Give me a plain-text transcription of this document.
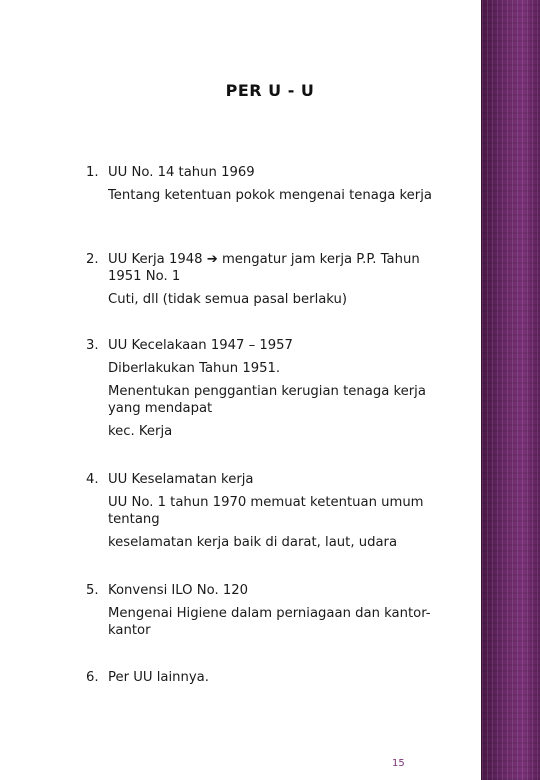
PER U - U
1. UU No. 14 tahun 1969
Tentang ketentuan pokok mengenai tenaga kerja
2. UU Kerja 1948 ➔ mengatur jam kerja P.P. Tahun 1951 No. 1
Cuti, dll (tidak semua pasal berlaku)
3. UU Kecelakaan 1947 – 1957
Diberlakukan Tahun 1951.
Menentukan penggantian kerugian tenaga kerja yang mendapat
kec. Kerja
4. UU Keselamatan kerja
UU No. 1 tahun 1970 memuat ketentuan umum tentang
keselamatan kerja baik di darat, laut, udara
5. Konvensi ILO No. 120
Mengenai Higiene dalam perniagaan dan kantor-kantor
6. Per UU lainnya.
15
